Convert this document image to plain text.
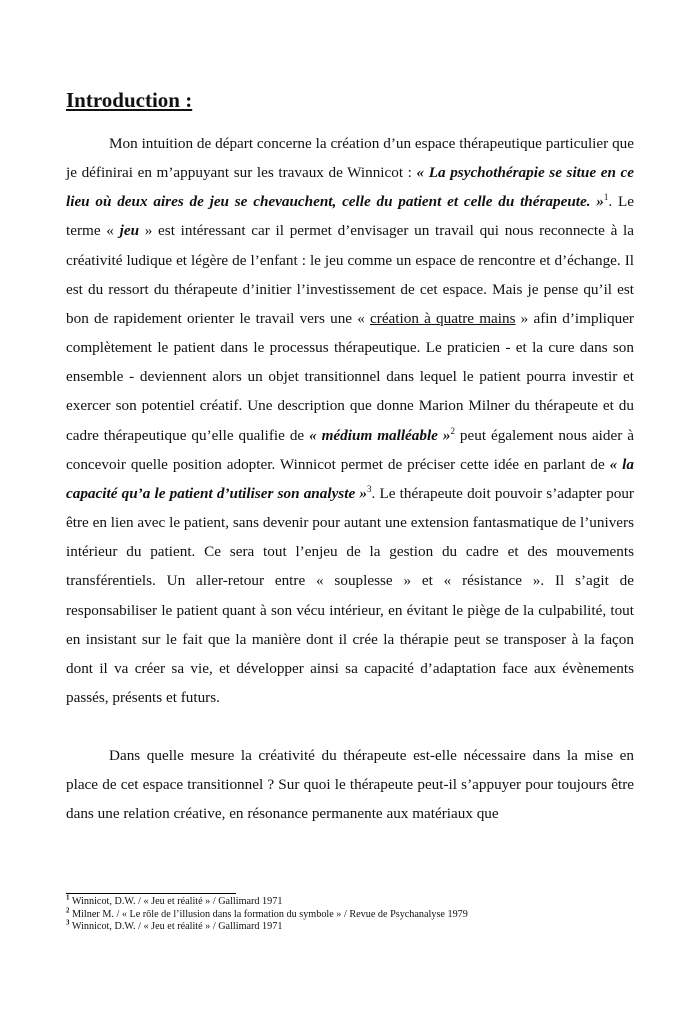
Introduction :

Mon intuition de départ concerne la création d’un espace thérapeutique particulier que je définirai en m’appuyant sur les travaux de Winnicot : « La psychothérapie se situe en ce lieu où deux aires de jeu se chevauchent, celle du patient et celle du thérapeute. »$^1$. Le terme « jeu » est intéressant car il permet d’envisager un travail qui nous reconnecte à la créativité ludique et légère de l’enfant : le jeu comme un espace de rencontre et d’échange. Il est du ressort du thérapeute d’initier l’investissement de cet espace. Mais je pense qu’il est bon de rapidement orienter le travail vers une « création à quatre mains » afin d’impliquer complètement le patient dans le processus thérapeutique. Le praticien - et la cure dans son ensemble - deviennent alors un objet transitionnel dans lequel le patient pourra investir et exercer son potentiel créatif. Une description que donne Marion Milner du thérapeute et du cadre thérapeutique qu’elle qualifie de « médium malléable »$^2$ peut également nous aider à concevoir quelle position adopter. Winnicot permet de préciser cette idée en parlant de « la capacité qu’a le patient d’utiliser son analyste »$^3$. Le thérapeute doit pouvoir s’adapter pour être en lien avec le patient, sans devenir pour autant une extension fantasmatique de l’univers intérieur du patient. Ce sera tout l’enjeu de la gestion du cadre et des mouvements transférentiels. Un aller-retour entre « souplesse » et « résistance ». Il s’agit de responsabiliser le patient quant à son vécu intérieur, en évitant le piège de la culpabilité, tout en insistant sur le fait que la manière dont il crée la thérapie peut se transposer à la façon dont il va créer sa vie, et développer ainsi sa capacité d’adaptation face aux évènements passés, présents et futurs.

Dans quelle mesure la créativité du thérapeute est-elle nécessaire dans la mise en place de cet espace transitionnel ? Sur quoi le thérapeute peut-il s’appuyer pour toujours être dans une relation créative, en résonance permanente aux matériaux que

$^1$ Winnicot, D.W. / « Jeu et réalité » / Gallimard 1971
$^2$ Milner M. / « Le rôle de l’illusion dans la formation du symbole » / Revue de Psychanalyse 1979
$^3$ Winnicot, D.W. / « Jeu et réalité » / Gallimard 1971
